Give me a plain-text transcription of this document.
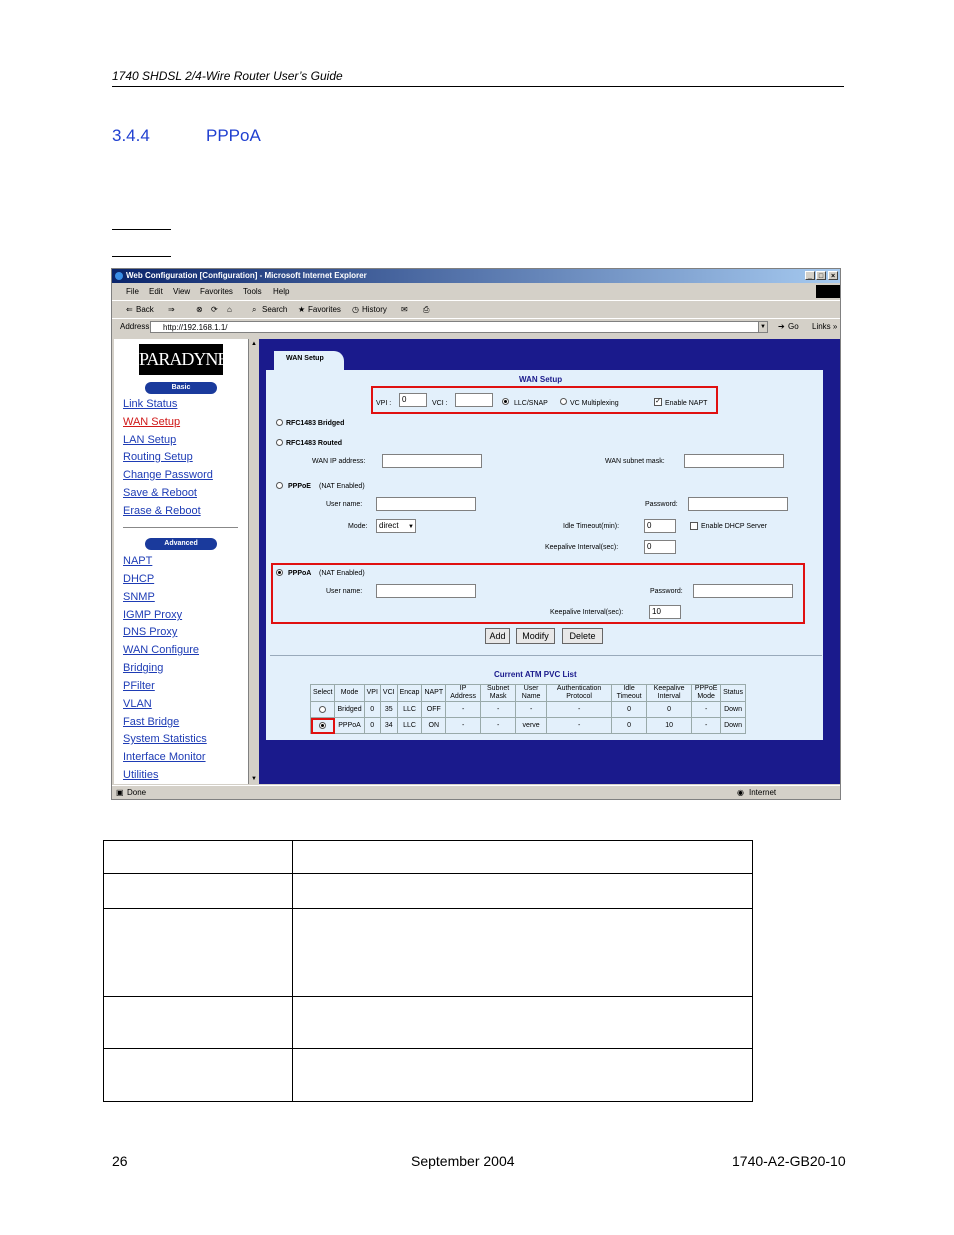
1740 SHDSL 2/4-Wire Router User’s Guide
3.4.4	PPPoA
Web Configuration [Configuration] - Microsoft Internet Explorer	_ □	×
File Edit View Favorites Tools Help
⇐ Back ⇒	⊗ ⟳ ⌂	⌕ Search ★ Favorites ◷ History ✉ ⎙
Address	http://192.168.1.1/	▼ ➔ Go Links »
PARADYNE
Basic
Link Status
WAN Setup
LAN Setup
Routing Setup
Change Password
Save & Reboot
Erase & Reboot
Advanced
NAPT
DHCP
SNMP
IGMP Proxy
DNS Proxy
WAN Configure
Bridging
PFilter
VLAN
Fast Bridge
System Statistics
Interface Monitor
Utilities
▲
▼
WAN Setup
WAN Setup
VPI :	0	VCI :	LLC/SNAP	VC Multiplexing	✓ Enable NAPT
RFC1483 Bridged
RFC1483 Routed
WAN IP address:	WAN subnet mask:
PPPoE (NAT Enabled)
User name:	Password:
Mode:	direct ▼	Idle Timeout(min):	0	Enable DHCP Server
Keepalive Interval(sec):	0
PPPoA (NAT Enabled)
User name:	Password:
Keepalive Interval(sec):	10
Add	Modify	Delete
Current ATM PVC List
Select	Mode	VPI	VCI	Encap	NAPT	IP Address	Subnet Mask	User Name	Authentication Protocol	Idle Timeout	Keepalive Interval	PPPoE Mode	Status
	Bridged	0	35	LLC	OFF	-	-	-	-	0	0	-	Down
	PPPoA	0	34	LLC	ON	-	-	verve	-	0	10	-	Down
▣ Done	◉ Internet
26	September 2004	1740-A2-GB20-10
